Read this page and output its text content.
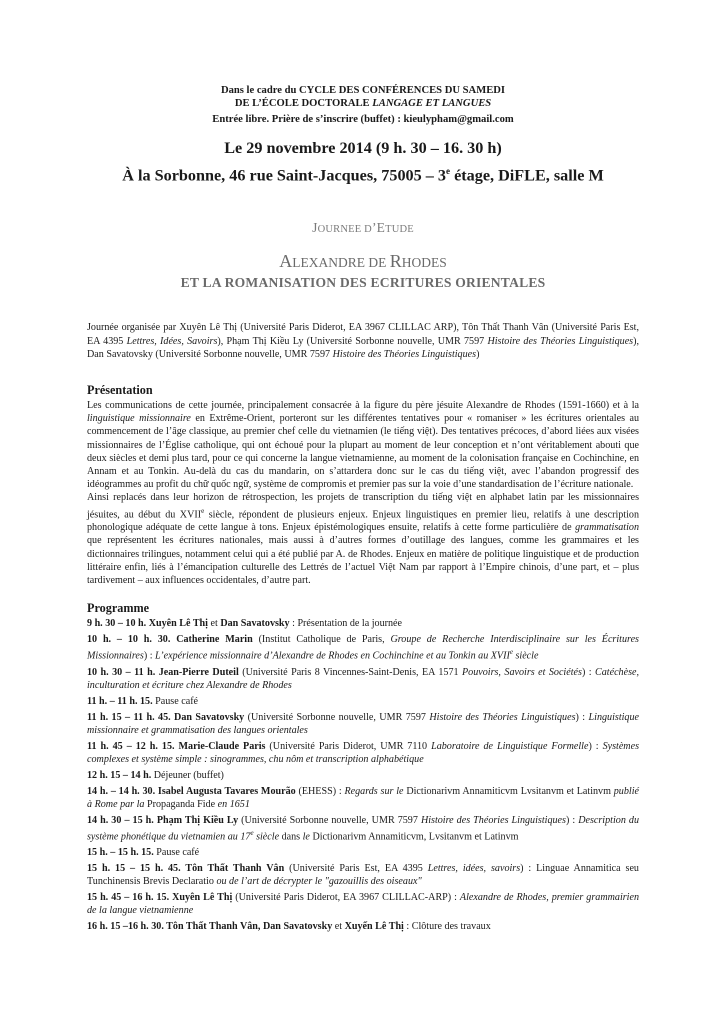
Dans le cadre du CYCLE DES CONFÉRENCES DU SAMEDI
DE L’ÉCOLE DOCTORALE LANGAGE ET LANGUES
Entrée libre. Prière de s’inscrire (buffet) : kieulypham@gmail.com
Le 29 novembre 2014 (9 h. 30 – 16. 30 h)
À la Sorbonne, 46 rue Saint-Jacques, 75005 – 3e étage, DiFLE, salle M
JOURNEE D’ETUDE
ALEXANDRE DE RHODES
ET LA ROMANISATION DES ECRITURES ORIENTALES
Journée organisée par Xuyên Lê Thị (Université Paris Diderot, EA 3967 CLILLAC ARP), Tôn Thất Thanh Vân (Université Paris Est, EA 4395 Lettres, Idées, Savoirs), Phạm Thị Kiều Ly (Université Sorbonne nouvelle, UMR 7597 Histoire des Théories Linguistiques), Dan Savatovsky (Université Sorbonne nouvelle, UMR 7597 Histoire des Théories Linguistiques)
Présentation
Les communications de cette journée, principalement consacrée à la figure du père jésuite Alexandre de Rhodes (1591-1660) et à la linguistique missionnaire en Extrême-Orient, porteront sur les différentes tentatives pour « romaniser » les écritures orientales au commencement de l’âge classique, au premier chef celle du vietnamien (le tiếng việt). Des tentatives précoces, d’abord liées aux visées missionnaires de l’Église catholique, qui ont échoué pour la plupart au moment de leur conception et n’ont véritablement abouti que deux siècles et demi plus tard, pour ce qui concerne la langue vietnamienne, au moment de la colonisation française en Cochinchine, en Annam et au Tonkin. Au-delà du cas du mandarin, on s’attardera donc sur le cas du tiếng việt, avec l’abandon progressif des idéogrammes au profit du chữ quốc ngữ, système de compromis et premier pas sur la voie d’une standardisation de l’écriture nationale.
Ainsi replacés dans leur horizon de rétrospection, les projets de transcription du tiếng việt en alphabet latin par les missionnaires jésuites, au début du XVIIe siècle, répondent de plusieurs enjeux. Enjeux linguistiques en premier lieu, relatifs à une description phonologique adéquate de cette langue à tons. Enjeux épistémologiques ensuite, relatifs à cette forme particulière de grammatisation que représentent les écritures nationales, mais aussi à d’autres formes d’outillage des langues, comme les grammaires et les dictionnaires trilingues, notamment celui qui a été publié par A. de Rhodes. Enjeux en matière de politique linguistique et de production littéraire enfin, liés à l’émancipation culturelle des Lettrés de l’actuel Việt Nam par rapport à l’Empire chinois, d’une part, et – plus tardivement – aux influences occidentales, d’autre part.
Programme
9 h. 30 – 10 h. Xuyên Lê Thị et Dan Savatovsky : Présentation de la journée
10 h. – 10 h. 30. Catherine Marin (Institut Catholique de Paris, Groupe de Recherche Interdisciplinaire sur les Écritures Missionnaires) : L’expérience missionnaire d’Alexandre de Rhodes en Cochinchine et au Tonkin au XVIIe siècle
10 h. 30 – 11 h. Jean-Pierre Duteil (Université Paris 8 Vincennes-Saint-Denis, EA 1571 Pouvoirs, Savoirs et Sociétés) : Catéchèse, inculturation et écriture chez Alexandre de Rhodes
11 h. – 11 h. 15. Pause café
11 h. 15 – 11 h. 45. Dan Savatovsky (Université Sorbonne nouvelle, UMR 7597 Histoire des Théories Linguistiques) : Linguistique missionnaire et grammatisation des langues orientales
11 h. 45 – 12 h. 15. Marie-Claude Paris (Université Paris Diderot, UMR 7110 Laboratoire de Linguistique Formelle) : Systèmes complexes et système simple : sinogrammes, chu nôm et transcription alphabétique
12 h. 15 – 14 h. Déjeuner (buffet)
14 h. – 14 h. 30. Isabel Augusta Tavares Mourão (EHESS) : Regards sur le Dictionarivm Annamiticvm Lvsitanvm et Latinvm publié à Rome par la Propaganda Fide en 1651
14 h. 30 – 15 h. Phạm Thị Kiều Ly (Université Sorbonne nouvelle, UMR 7597 Histoire des Théories Linguistiques) : Description du système phonétique du vietnamien au 17e siècle dans le Dictionarivm Annamiticvm, Lvsitanvm et Latinvm
15 h. – 15 h. 15. Pause café
15 h. 15 – 15 h. 45. Tôn Thất Thanh Vân (Université Paris Est, EA 4395 Lettres, idées, savoirs) : Linguae Annamitica seu Tunchinensis Brevis Declaratio ou de l’art de décrypter le "gazouillis des oiseaux"
15 h. 45 – 16 h. 15. Xuyên Lê Thị (Université Paris Diderot, EA 3967 CLILLAC-ARP) : Alexandre de Rhodes, premier grammairien de la langue vietnamienne
16 h. 15 –16 h. 30. Tôn Thất Thanh Vân, Dan Savatovsky et Xuyến Lê Thị : Clôture des travaux
